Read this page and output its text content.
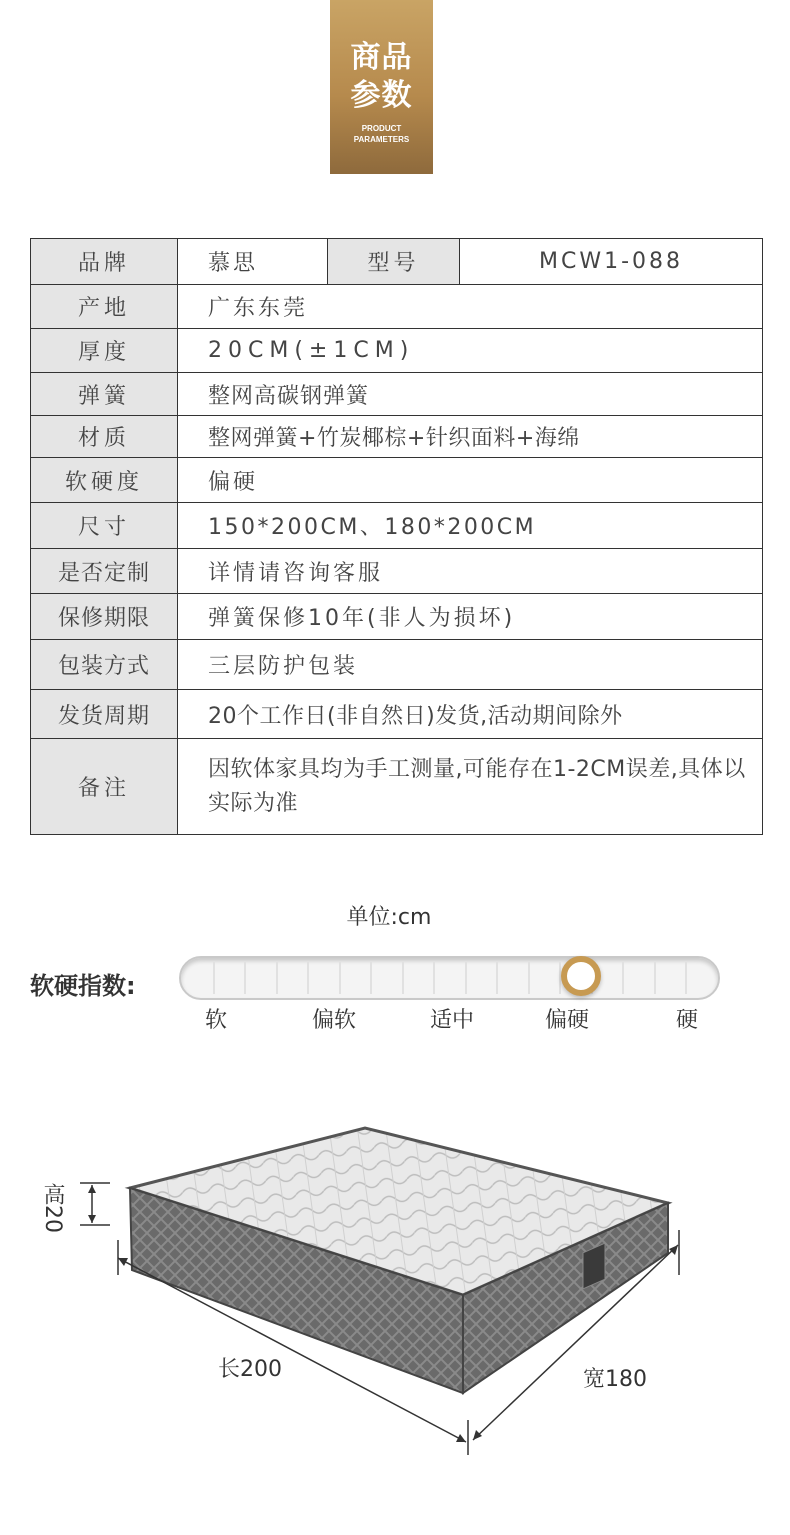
商品
参数
PRODUCT
PARAMETERS
品牌	慕思	型号	MCW1-088
产地	广东东莞		
厚度	20CM(±1CM)		
弹簧	整网高碳钢弹簧		
材质	整网弹簧+竹炭椰棕+针织面料+海绵		
软硬度	偏硬		
尺寸	150*200CM、180*200CM		
是否定制	详情请咨询客服		
保修期限	弹簧保修10年(非人为损坏)		
包装方式	三层防护包装		
发货周期	20个工作日(非自然日)发货,活动期间除外		
备注	因软体家具均为手工测量,可能存在1-2CM误差,具体以实际为准		
单位:cm
软硬指数:
软	偏软	适中	偏硬	硬
高20
长200	宽180
